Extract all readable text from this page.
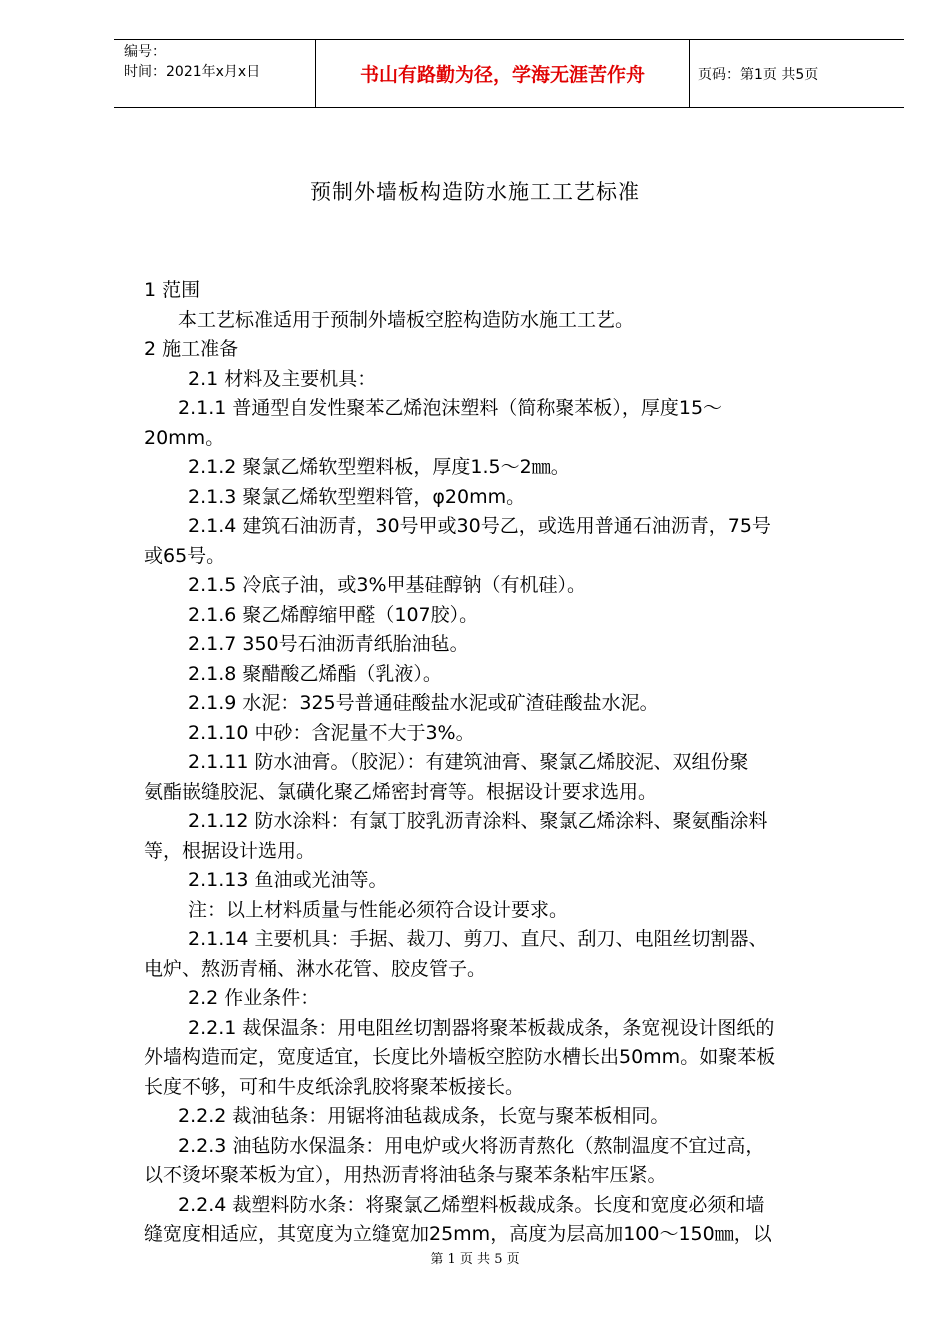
编号：
时间：2021年x月x日	书山有路勤为径，学海无涯苦作舟	页码：第1页 共5页
预制外墙板构造防水施工工艺标准
1 范围
本工艺标准适用于预制外墙板空腔构造防水施工工艺。
2 施工准备
2.1 材料及主要机具：
2.1.1 普通型自发性聚苯乙烯泡沫塑料（简称聚苯板），厚度15～
20mm。
2.1.2 聚氯乙烯软型塑料板，厚度1.5～2㎜。
2.1.3 聚氯乙烯软型塑料管，φ20mm。
2.1.4 建筑石油沥青，30号甲或30号乙，或选用普通石油沥青，75号
或65号。
2.1.5 冷底子油，或3%甲基硅醇钠（有机硅）。
2.1.6 聚乙烯醇缩甲醛（107胶）。
2.1.7 350号石油沥青纸胎油毡。
2.1.8 聚醋酸乙烯酯（乳液）。
2.1.9 水泥：325号普通硅酸盐水泥或矿渣硅酸盐水泥。
2.1.10 中砂：含泥量不大于3%。
2.1.11 防水油膏。（胶泥）：有建筑油膏、聚氯乙烯胶泥、双组份聚
氨酯嵌缝胶泥、氯磺化聚乙烯密封膏等。根据设计要求选用。
2.1.12 防水涂料：有氯丁胶乳沥青涂料、聚氯乙烯涂料、聚氨酯涂料
等，根据设计选用。
2.1.13 鱼油或光油等。
注：以上材料质量与性能必须符合设计要求。
2.1.14 主要机具：手据、裁刀、剪刀、直尺、刮刀、电阻丝切割器、
电炉、熬沥青桶、淋水花管、胶皮管子。
2.2 作业条件：
2.2.1 裁保温条：用电阻丝切割器将聚苯板裁成条，条宽视设计图纸的
外墙构造而定，宽度适宜，长度比外墙板空腔防水槽长出50mm。如聚苯板
长度不够，可和牛皮纸涂乳胶将聚苯板接长。
2.2.2 裁油毡条：用锯将油毡裁成条，长宽与聚苯板相同。
2.2.3 油毡防水保温条：用电炉或火将沥青熬化（熬制温度不宜过高，
以不烫坏聚苯板为宜），用热沥青将油毡条与聚苯条粘牢压紧。
2.2.4 裁塑料防水条：将聚氯乙烯塑料板裁成条。长度和宽度必须和墙
缝宽度相适应，其宽度为立缝宽加25mm，高度为层高加100～150㎜，以
第 1 页 共 5 页
